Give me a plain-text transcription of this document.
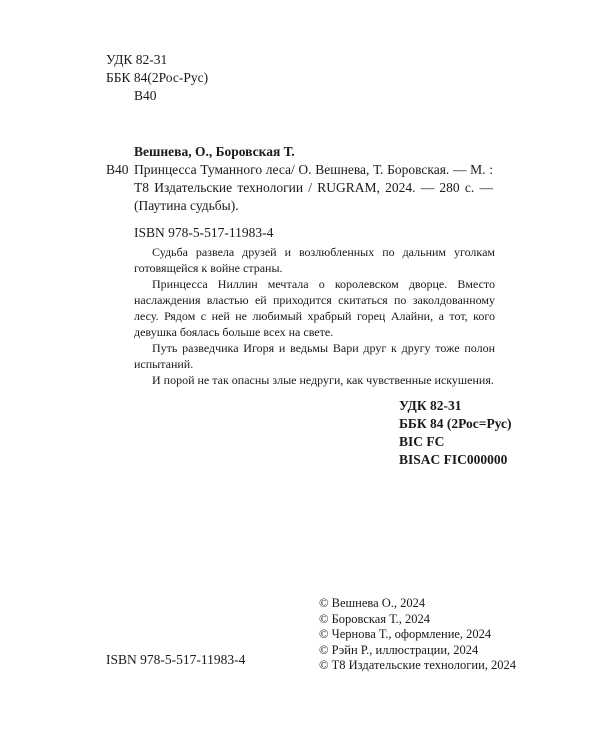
УДК 82-31
ББК 84(2Рос-Рус)
В40
Вешнева, О., Боровская Т.
В40 Принцесса Туманного леса/ О. Вешнева, Т. Боровская. — М. : Т8 Издательские технологии / RUGRAM, 2024. — 280 с. — (Паутина судьбы).
ISBN 978-5-517-11983-4

Судьба развела друзей и возлюбленных по дальним уголкам готовящейся к войне страны.

Принцесса Ниллин мечтала о королевском дворце. Вместо наслаждения властью ей приходится скитаться по заколдованному лесу. Рядом с ней не любимый храбрый горец Алайни, а тот, кого девушка боялась больше всех на свете.

Путь разведчика Игоря и ведьмы Вари друг к другу тоже полон испытаний.

И порой не так опасны злые недруги, как чувственные искушения.

УДК 82-31
ББК 84 (2Рос=Рус)
BIC FC
BISAC FIC000000
ISBN 978-5-517-11983-4
© Вешнева О., 2024
© Боровская Т., 2024
© Чернова Т., оформление, 2024
© Рэйн Р., иллюстрации, 2024
© Т8 Издательские технологии, 2024
